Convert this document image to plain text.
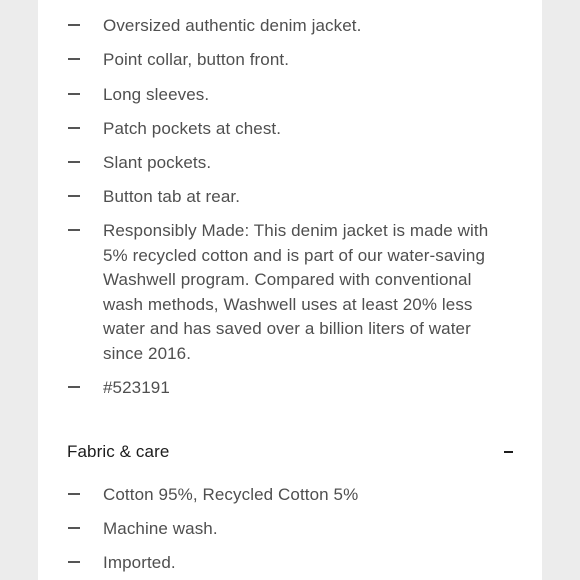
Oversized authentic denim jacket.
Point collar, button front.
Long sleeves.
Patch pockets at chest.
Slant pockets.
Button tab at rear.
Responsibly Made: This denim jacket is made with 5% recycled cotton and is part of our water-saving Washwell program. Compared with conventional wash methods, Washwell uses at least 20% less water and has saved over a billion liters of water since 2016.
#523191
Fabric & care
Cotton 95%, Recycled Cotton 5%
Machine wash.
Imported.
